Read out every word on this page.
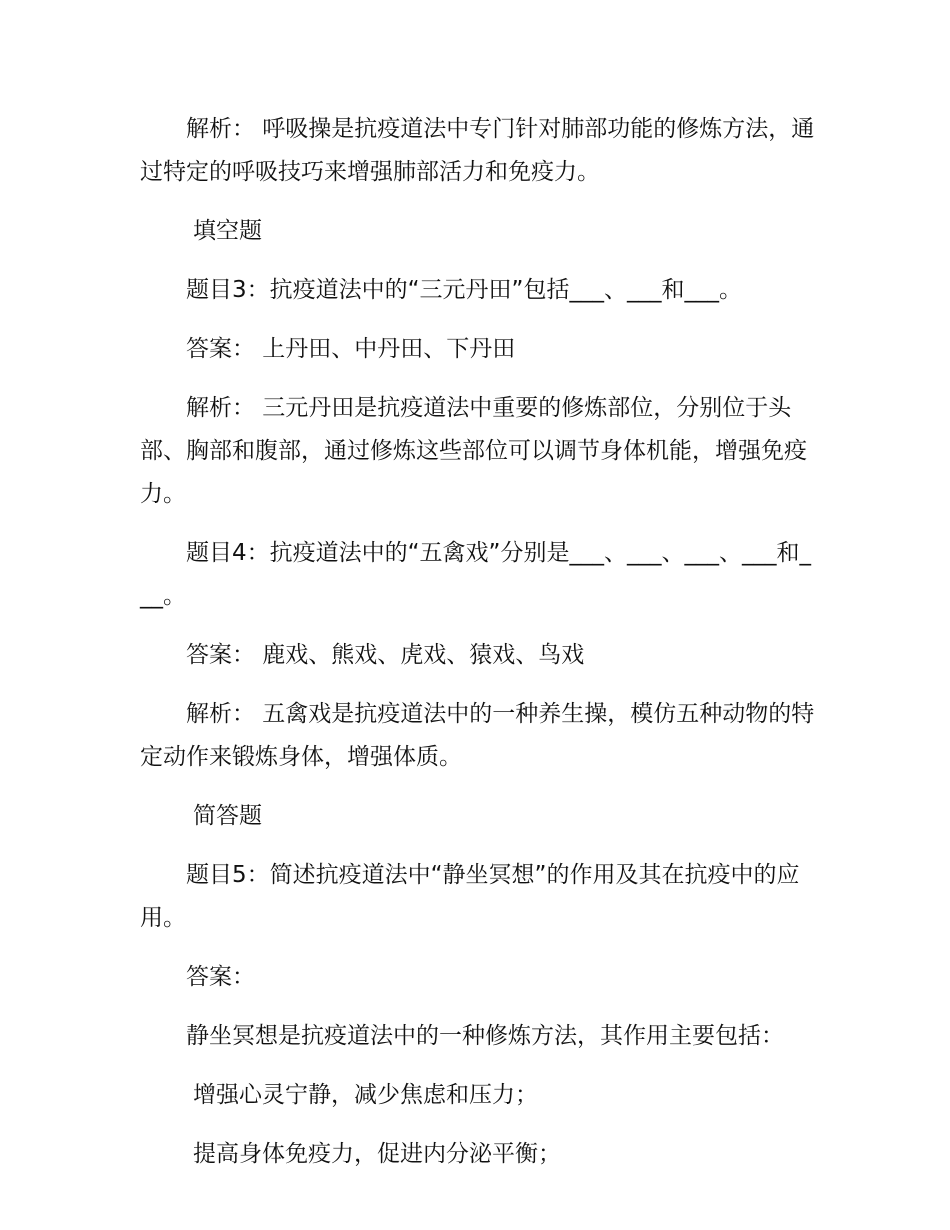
解析： 呼吸操是抗疫道法中专门针对肺部功能的修炼方法，通过特定的呼吸技巧来增强肺部活力和免疫力。

填空题

题目3：抗疫道法中的“三元丹田”包括___、___和___。

答案： 上丹田、中丹田、下丹田

解析： 三元丹田是抗疫道法中重要的修炼部位，分别位于头部、胸部和腹部，通过修炼这些部位可以调节身体机能，增强免疫力。

题目4：抗疫道法中的“五禽戏”分别是___、___、___、___和___。

答案： 鹿戏、熊戏、虎戏、猿戏、鸟戏

解析： 五禽戏是抗疫道法中的一种养生操，模仿五种动物的特定动作来锻炼身体，增强体质。

简答题

题目5：简述抗疫道法中“静坐冥想”的作用及其在抗疫中的应用。

答案：

静坐冥想是抗疫道法中的一种修炼方法，其作用主要包括：

增强心灵宁静，减少焦虑和压力；

提高身体免疫力，促进内分泌平衡；
